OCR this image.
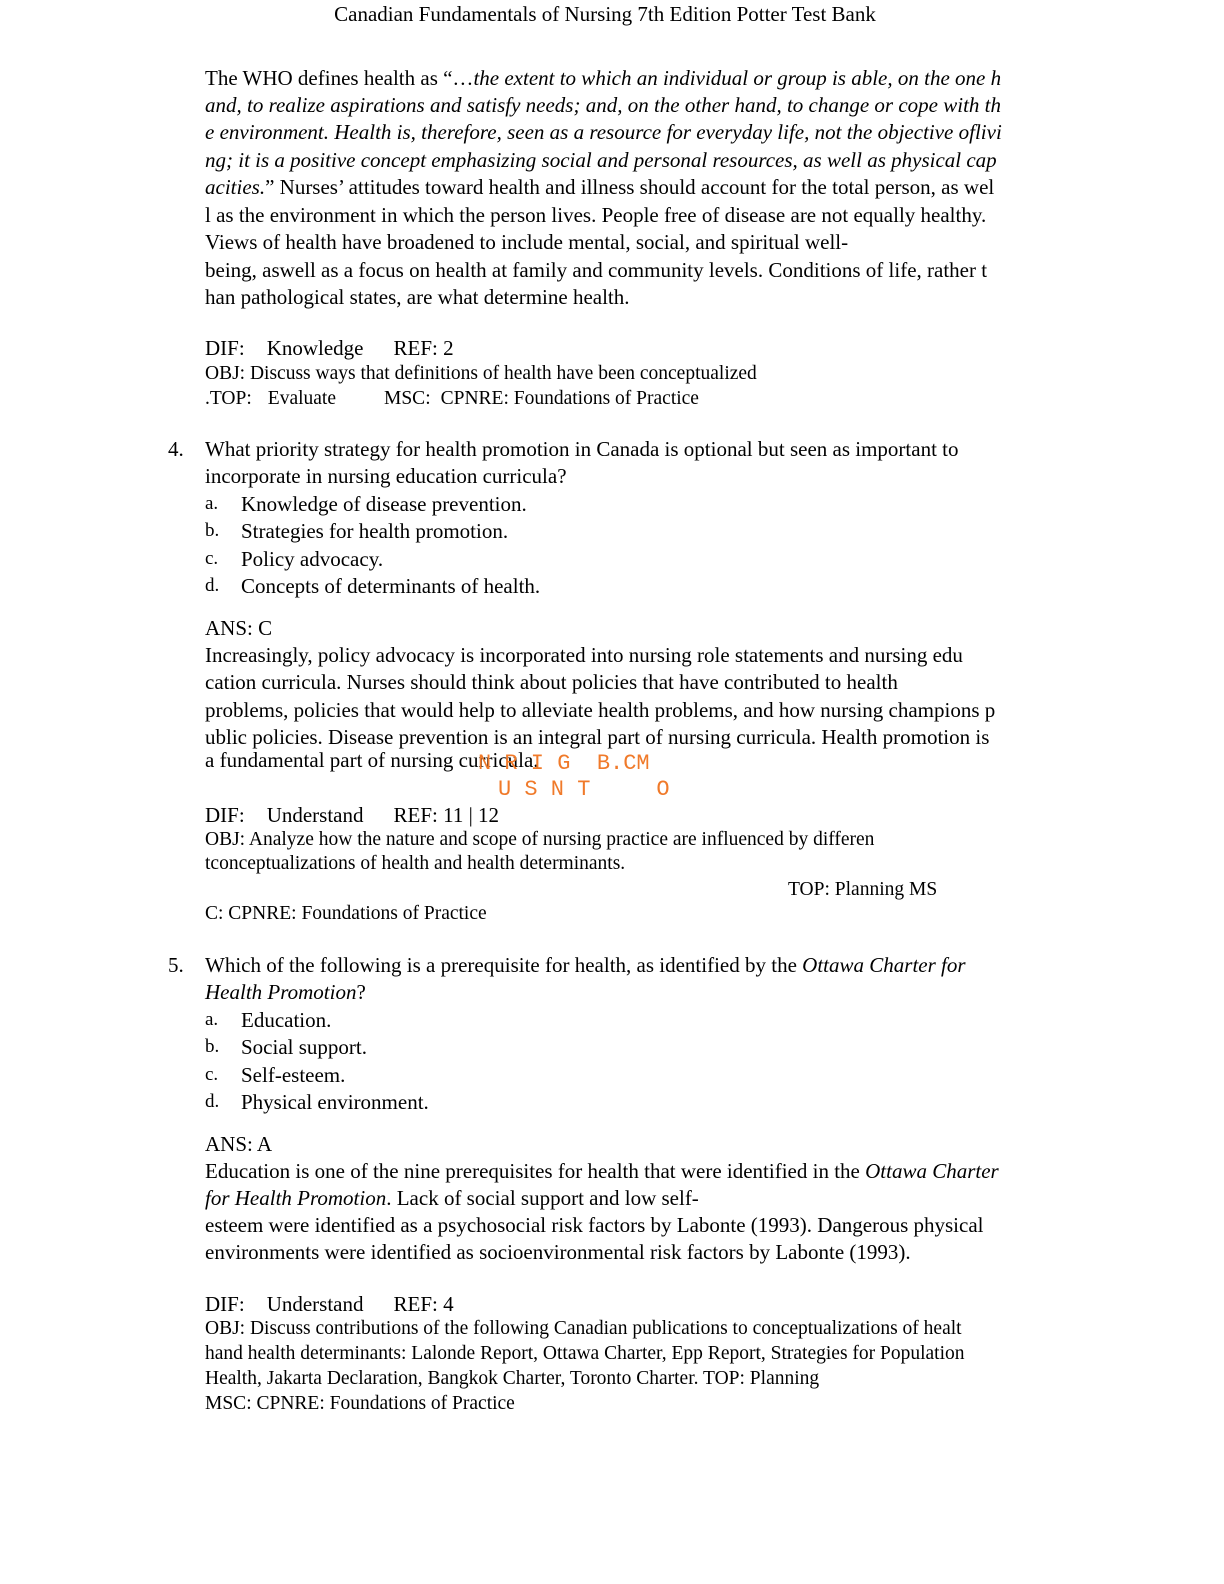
Canadian Fundamentals of Nursing 7th Edition Potter Test Bank
The WHO defines health as “…the extent to which an individual or group is able, on the one h
and, to realize aspirations and satisfy needs; and, on the other hand, to change or cope with th
e environment. Health is, therefore, seen as a resource for everyday life, not the objective oflivi
ng; it is a positive concept emphasizing social and personal resources, as well as physical cap
acities.” Nurses’ attitudes toward health and illness should account for the total person, as wel
l as the environment in which the person lives. People free of disease are not equally healthy.
Views of health have broadened to include mental, social, and spiritual well-
being, aswell as a focus on health at family and community levels. Conditions of life, rather t
han pathological states, are what determine health.
DIF: Knowledge REF: 2
OBJ: Discuss ways that definitions of health have been conceptualized
.TOP: Evaluate MSC: CPNRE: Foundations of Practice
4. What priority strategy for health promotion in Canada is optional but seen as important to
incorporate in nursing education curricula?
a. Knowledge of disease prevention.
b. Strategies for health promotion.
c. Policy advocacy.
d. Concepts of determinants of health.
ANS: C
Increasingly, policy advocacy is incorporated into nursing role statements and nursing edu
cation curricula. Nurses should think about policies that have contributed to health
problems, policies that would help to alleviate health problems, and how nursing champions p
ublic policies. Disease prevention is an integral part of nursing curricula. Health promotion is
a fundamental part of nursing curricula.
N R I G  B.CM
U S N T     O
DIF: Understand REF: 11 | 12
OBJ: Analyze how the nature and scope of nursing practice are influenced by differen
tconceptualizations of health and health determinants.
TOP: Planning MS
C: CPNRE: Foundations of Practice
5. Which of the following is a prerequisite for health, as identified by the Ottawa Charter for
Health Promotion?
a. Education.
b. Social support.
c. Self-esteem.
d. Physical environment.
ANS: A
Education is one of the nine prerequisites for health that were identified in the Ottawa Charter
for Health Promotion. Lack of social support and low self-
esteem were identified as a psychosocial risk factors by Labonte (1993). Dangerous physical
environments were identified as socioenvironmental risk factors by Labonte (1993).
DIF: Understand REF: 4
OBJ: Discuss contributions of the following Canadian publications to conceptualizations of healt
hand health determinants: Lalonde Report, Ottawa Charter, Epp Report, Strategies for Population
Health, Jakarta Declaration, Bangkok Charter, Toronto Charter. TOP: Planning
MSC: CPNRE: Foundations of Practice
